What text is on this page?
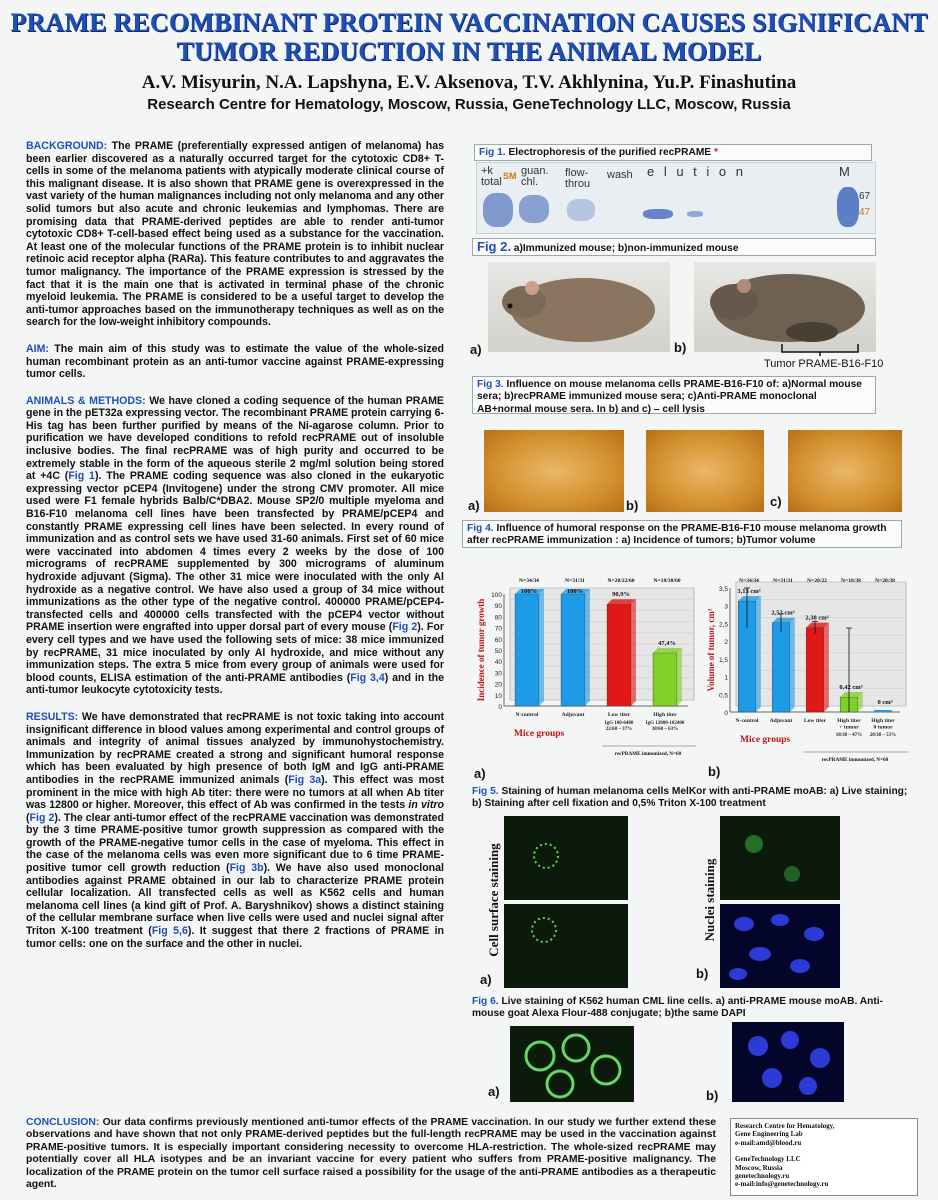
PRAME RECOMBINANT PROTEIN VACCINATION CAUSES SIGNIFICANT
TUMOR REDUCTION IN THE ANIMAL MODEL
A.V. Misyurin, N.A. Lapshyna, E.V. Aksenova, T.V. Akhlynina, Yu.P. Finashutina
Research Centre for Hematology, Moscow, Russia, GeneTechnology LLC, Moscow, Russia

BACKGROUND: The PRAME (preferentially expressed antigen of melanoma) has been earlier discovered as a naturally occurred target for the cytotoxic CD8+ T-cells in some of the melanoma patients with atypically moderate clinical course of this malignant disease. It is also shown that PRAME gene is overexpressed in the vast variety of the human malignances including not only melanoma and any other solid tumors but also acute and chronic leukemias and lymphomas. There are promising data that PRAME-derived peptides are able to render anti-tumor cytotoxic CD8+ T-cell-based effect being used as a substance for the vaccination. At least one of the molecular functions of the PRAME protein is to inhibit nuclear retinoic acid receptor alpha (RARa). This feature contributes to and aggravates the tumor malignancy. The importance of the PRAME expression is stressed by the fact that it is the main one that is activated in terminal phase of the chronic myeloid leukemia. The PRAME is considered to be a useful target to develop the anti-tumor approaches based on the immunotherapy techniques as well as on the search for the low-weight inhibitory compounds.

AIM: The main aim of this study was to estimate the value of the whole-sized human recombinant protein as an anti-tumor vaccine against PRAME-expressing tumor cells.

ANIMALS & METHODS: We have cloned a coding sequence of the human PRAME gene in the pET32a expressing vector. The recombinant PRAME protein carrying 6-His tag has been further purified by means of the Ni-agarose column. Prior to purification we have developed conditions to refold recPRAME out of insoluble inclusive bodies. The final recPRAME was of high purity and occurred to be extremely stable in the form of the aqueous sterile 2 mg/ml solution being stored at +4C (Fig 1). The PRAME coding sequence was also cloned in the eukaryotic expressing vector pCEP4 (Invitogene) under the strong CMV promoter. All mice used were F1 female hybrids Balb/C*DBA2. Mouse SP2/0 multiple myeloma and B16-F10 melanoma cell lines have been transfected by PRAME/pCEP4 and constantly PRAME expressing cell lines have been selected. In every round of immunization and as control sets we have used 31-60 animals. First set of 60 mice were vaccinated into abdomen 4 times every 2 weeks by the dose of 100 micrograms of recPRAME supplemented by 300 micrograms of aluminum hydroxide adjuvant (Sigma). The other 31 mice were inoculated with the only Al hydroxide as a negative control. We have also used a group of 34 mice without immunizations as the other type of the negative control. 400000 PRAME/pCEP4-transfected cells and 400000 cells transfected with the pCEP4 vector without PRAME insertion were engrafted into upper dorsal part of every mouse (Fig 2). For every cell types and we have used the following sets of mice: 38 mice immunized by recPRAME, 31 mice inoculated by only Al hydroxide, and mice without any immunization steps. The extra 5 mice from every group of animals were used for blood counts, ELISA estimation of the anti-PRAME antibodies (Fig 3,4) and in the anti-tumor leukocyte cytotoxicity tests.

RESULTS: We have demonstrated that recPRAME is not toxic taking into account insignificant difference in blood values among experimental and control groups of animals and integrity of animal tissues analyzed by immunohystochemistry. Immunization by recPRAME created a strong and significant humoral response which has been evaluated by high presence of both IgM and IgG anti-PRAME antibodies in the recPRAME immunized animals (Fig 3a). This effect was most prominent in the mice with high Ab titer: there were no tumors at all when Ab titer was 12800 or higher. Moreover, this effect of Ab was confirmed in the tests in vitro (Fig 2). The clear anti-tumor effect of the recPRAME vaccination was demonstrated by the 3 time PRAME-positive tumor growth suppression as compared with the growth of the PRAME-negative tumor cells in the case of myeloma. This effect in the case of the melanoma cells was even more significant due to 6 time PRAME-positive tumor cell growth reduction (Fig 3b). We have also used monoclonal antibodies against PRAME obtained in our lab to characterize PRAME protein cellular localization. All transfected cells as well as K562 cells and human melanoma cell lines (a kind gift of Prof. A. Baryshnikov) shows a distinct staining of the cellular membrane surface when live cells were used and nuclei signal after Triton X-100 treatment (Fig 5,6). It suggest that there 2 fractions of PRAME in tumor cells: one on the surface and the other in nuclei.

CONCLUSION: Our data confirms previously mentioned anti-tumor effects of the PRAME vaccination. In our study we further extend these observations and have shown that not only PRAME-derived peptides but the full-length recPRAME may be used in the vaccination against PRAME-positive tumors. It is especially important considering necessity to overcome HLA-restriction. The whole-sized recPRAME may potentially cover all HLA isotypes and be an invariant vaccine for every patient who suffers from PRAME-positive malignancy. The localization of the PRAME protein on the tumor cell surface raised a possibility for the usage of the anti-PRAME antibodies as a therapeutic agent.
Research Centre for Hematology,
Gene Engineering Lab
e-mail:amd@blood.ru
GeneTechnology LLC
Moscow, Russia
genetechnology.ru
e-mail:info@genetechnology.ru
Fig 1. Electrophoresis of the purified recPRAME *
+k
total SM guan.
chl.
flow-
throu
wash e l u t i o n	M
67
47
Fig 2. a)Immunized mouse; b)non-immunized mouse
a)	b)
Tumor PRAME-B16-F10
Fig 3. Influence on mouse melanoma cells PRAME-B16-F10 of: a)Normal mouse sera; b)recPRAME immunized mouse sera; c)Anti-PRAME monoclonal AB+normal mouse sera. In b) and c) – cell lysis
a)	b)	c)
Fig 4. Influence of humoral response on the PRAME-B16-F10 mouse melanoma growth after recPRAME immunization : a) Incidence of tumors; b)Tumor volume
0
10
20
30
40
50
60
70
80
90
100
Incidence of tumor growth
100%
N=34/34
N-control
100%
N=31/31
Adjuvant
90,9%
N=20/22/60
Low titer
IgG 100-6400 22/60 – 37%
47,4%
N=18/38/60
High titer
IgG 12800-102400 38/60 – 63%
Mice groups
recPRAME immunized, N=60
0
0,5
1
1,5
2
2,5
3
3,5
Volume of tumor, cm³
3,13 cm³
N=34/34
N-control
2,52 cm³
N=31/31
Adjuvant
2,38 cm³
N=20/22
Low titer
0,42 cm³
N=18/38
High titer + tumor
18/38 – 47%
0 cm³
N=20/38
High titer 0 tumor
20/38 – 53%
Mice groups
recPRAME immunized, N=60
a)	b)
Fig 5. Staining of human melanoma cells MelKor with anti-PRAME moAB: a) Live staining; b) Staining after cell fixation and 0,5% Triton X-100 treatment
Cell surface staining	Nuclei staining
a)	b)
Fig 6. Live staining of K562 human CML line cells. a) anti-PRAME mouse moAB. Anti-mouse goat Alexa Flour-488 conjugate; b)the same DAPI
a)	b)
